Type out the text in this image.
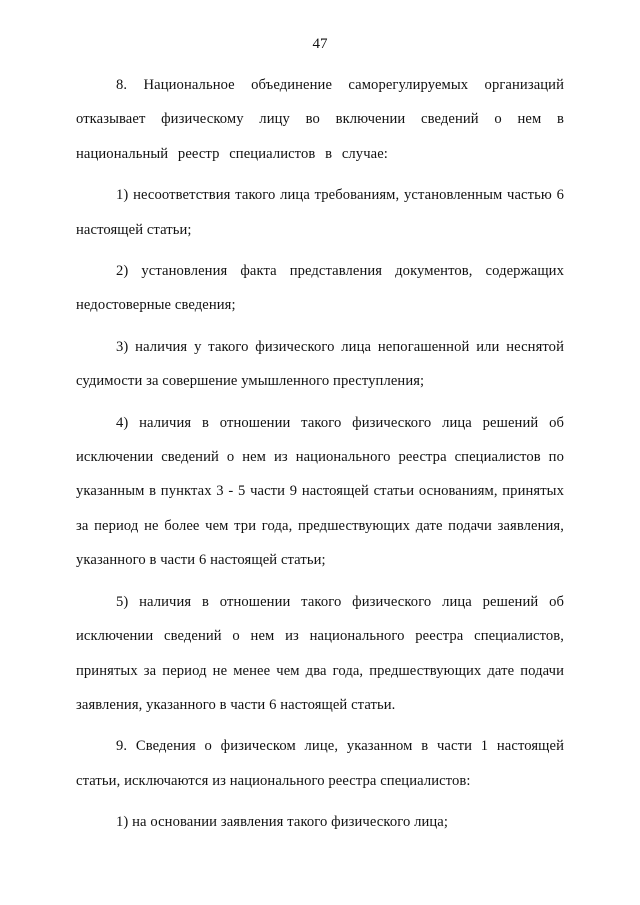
47

8. Национальное объединение саморегулируемых организаций отказывает физическому лицу во включении сведений о нем в национальный реестр специалистов в случае:

1) несоответствия такого лица требованиям, установленным частью 6 настоящей статьи;

2) установления факта представления документов, содержащих недостоверные сведения;

3) наличия у такого физического лица непогашенной или неснятой судимости за совершение умышленного преступления;

4) наличия в отношении такого физического лица решений об исключении сведений о нем из национального реестра специалистов по указанным в пунктах 3 - 5 части 9 настоящей статьи основаниям, принятых за период не более чем три года, предшествующих дате подачи заявления, указанного в части 6 настоящей статьи;

5) наличия в отношении такого физического лица решений об исключении сведений о нем из национального реестра специалистов, принятых за период не менее чем два года, предшествующих дате подачи заявления, указанного в части 6 настоящей статьи.

9. Сведения о физическом лице, указанном в части 1 настоящей статьи, исключаются из национального реестра специалистов:

1) на основании заявления такого физического лица;
